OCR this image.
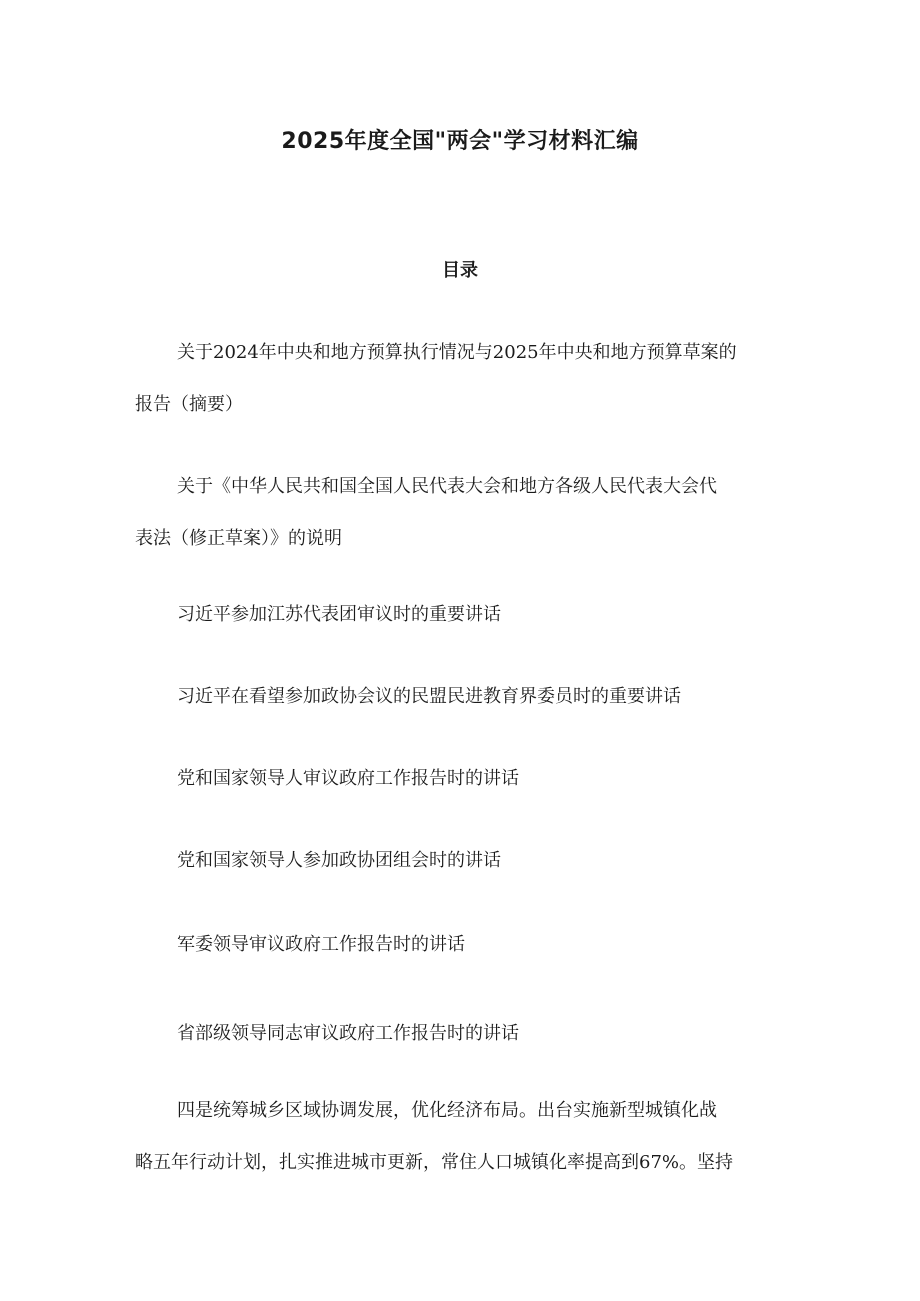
2025年度全国"两会"学习材料汇编
目录

关于2024年中央和地方预算执行情况与2025年中央和地方预算草案的
报告（摘要）

关于《中华人民共和国全国人民代表大会和地方各级人民代表大会代
表法（修正草案）》的说明

习近平参加江苏代表团审议时的重要讲话

习近平在看望参加政协会议的民盟民进教育界委员时的重要讲话

党和国家领导人审议政府工作报告时的讲话

党和国家领导人参加政协团组会时的讲话

军委领导审议政府工作报告时的讲话

省部级领导同志审议政府工作报告时的讲话

四是统筹城乡区域协调发展，优化经济布局。出台实施新型城镇化战
略五年行动计划，扎实推进城市更新，常住人口城镇化率提高到67%。坚持
